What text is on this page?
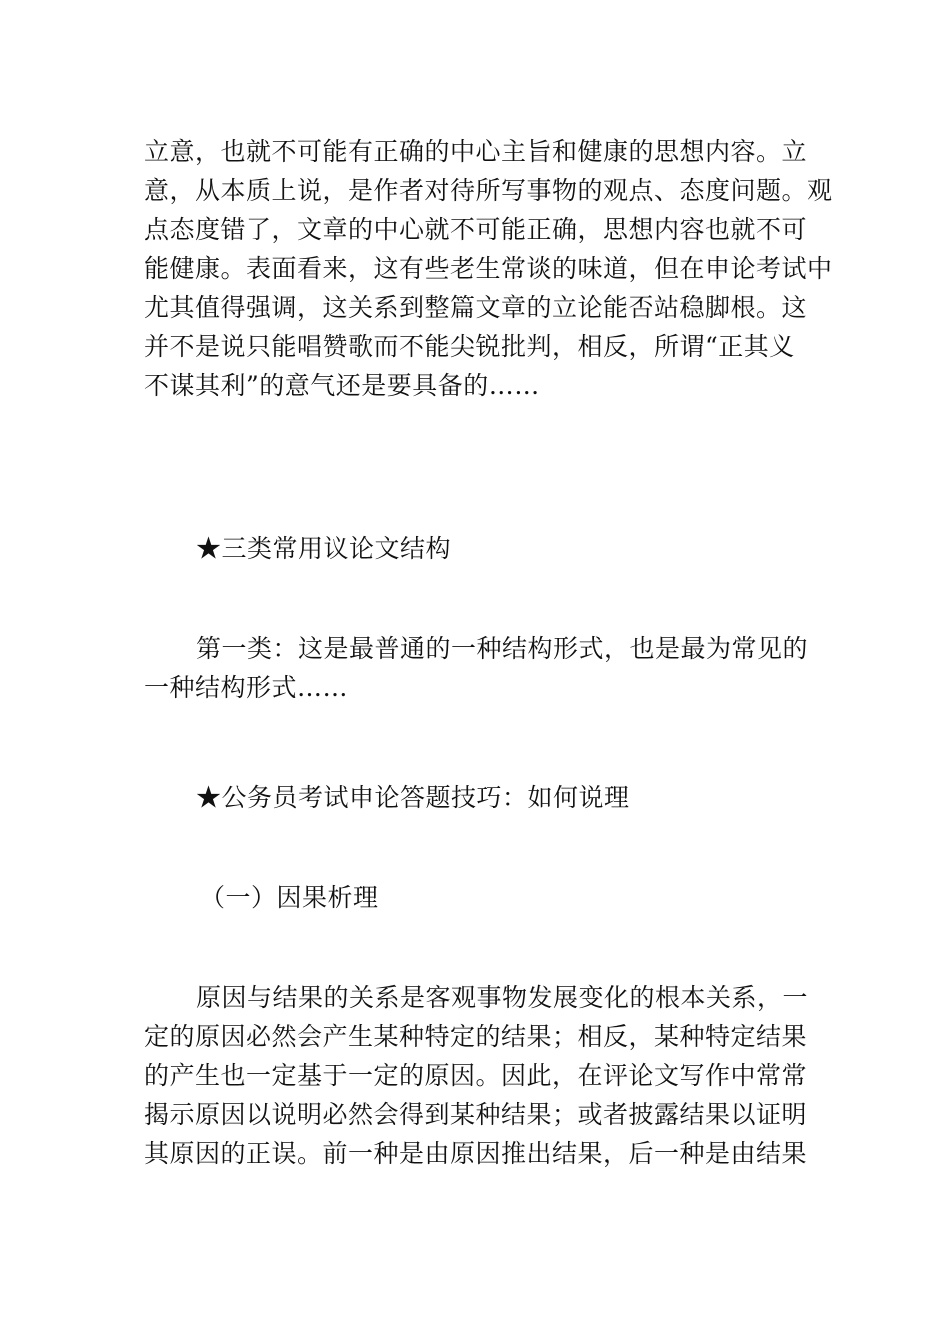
立意，也就不可能有正确的中心主旨和健康的思想内容。立
意，从本质上说，是作者对待所写事物的观点、态度问题。观
点态度错了，文章的中心就不可能正确，思想内容也就不可
能健康。表面看来，这有些老生常谈的味道，但在申论考试中
尤其值得强调，这关系到整篇文章的立论能否站稳脚根。这
并不是说只能唱赞歌而不能尖锐批判，相反，所谓“正其义
不谋其利”的意气还是要具备的……
★三类常用议论文结构
第一类：这是最普通的一种结构形式，也是最为常见的
一种结构形式……
★公务员考试申论答题技巧：如何说理
（一）因果析理
原因与结果的关系是客观事物发展变化的根本关系，一
定的原因必然会产生某种特定的结果；相反，某种特定结果
的产生也一定基于一定的原因。因此，在评论文写作中常常
揭示原因以说明必然会得到某种结果；或者披露结果以证明
其原因的正误。前一种是由原因推出结果，后一种是由结果
